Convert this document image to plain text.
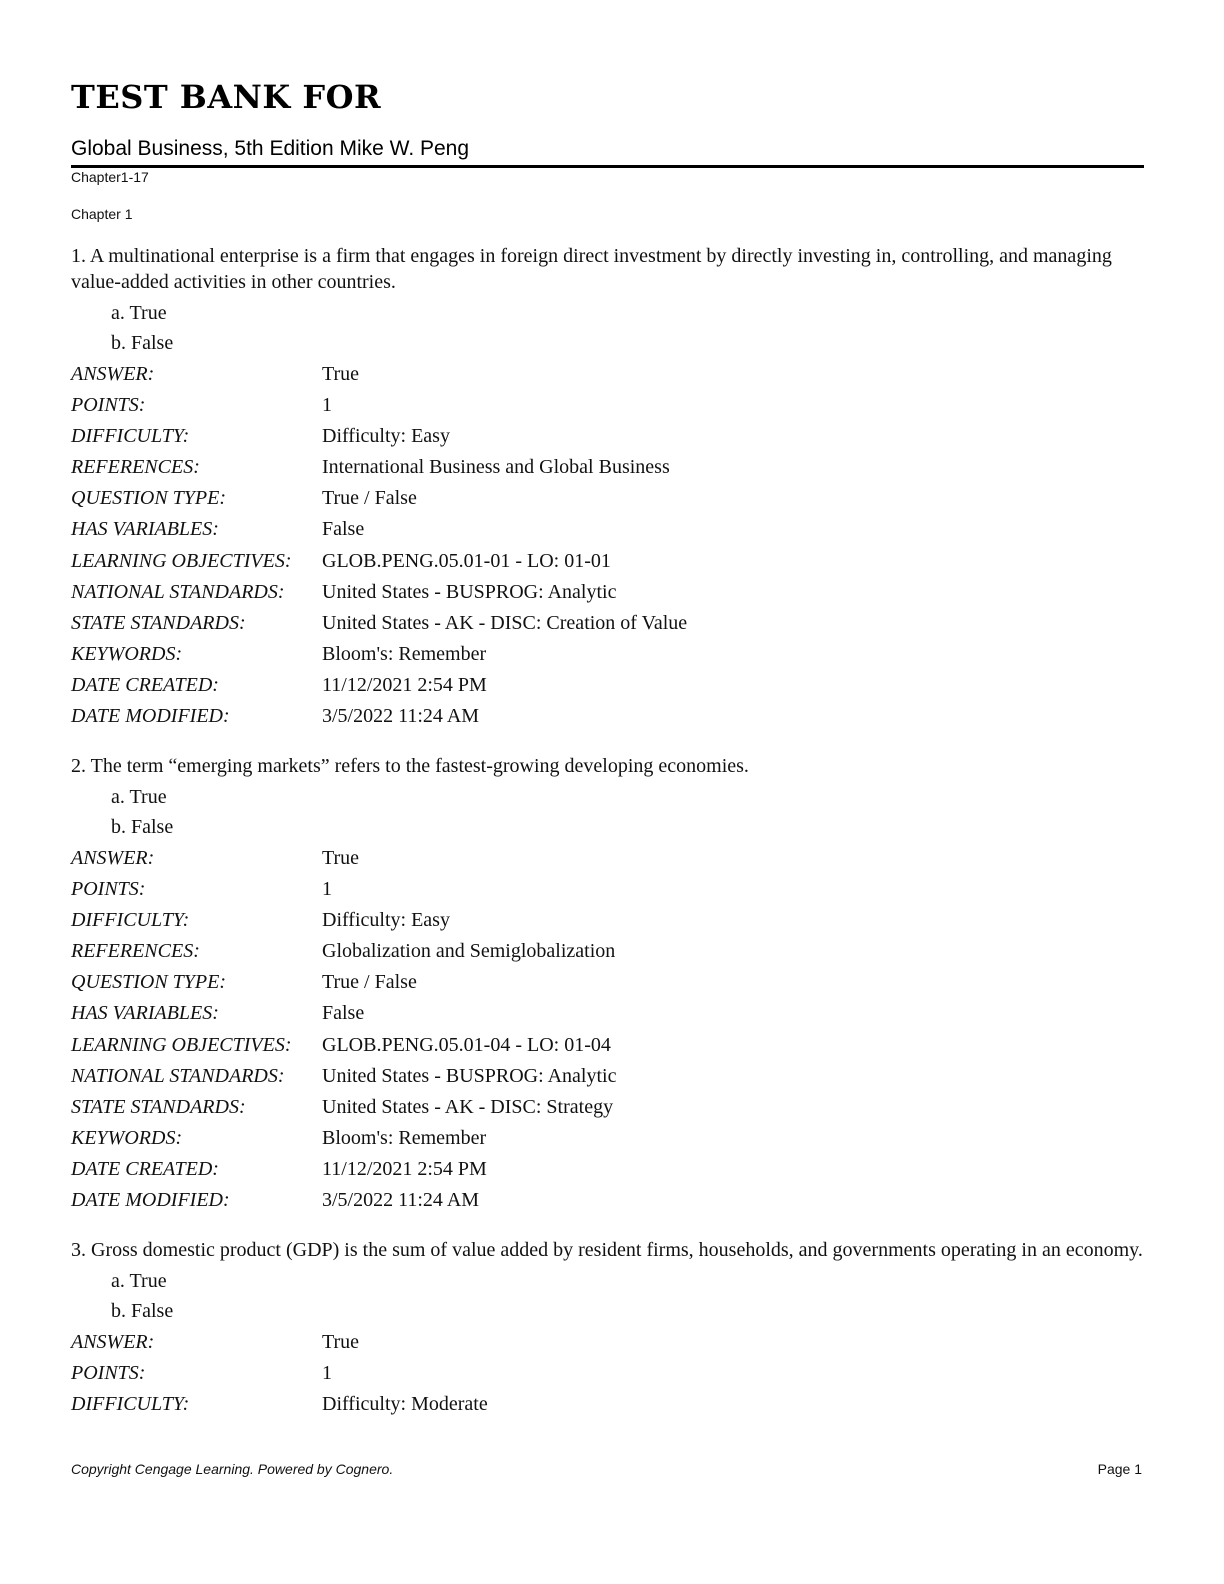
TEST BANK FOR
Global Business, 5th Edition Mike W. Peng
Chapter1-17
Chapter 1
1. A multinational enterprise is a firm that engages in foreign direct investment by directly investing in, controlling, and managing value-added activities in other countries.
a. True
b. False
ANSWER:	True
POINTS:	1
DIFFICULTY:	Difficulty: Easy
REFERENCES:	International Business and Global Business
QUESTION TYPE:	True / False
HAS VARIABLES:	False
LEARNING OBJECTIVES:	GLOB.PENG.05.01-01 - LO: 01-01
NATIONAL STANDARDS:	United States - BUSPROG: Analytic
STATE STANDARDS:	United States - AK - DISC: Creation of Value
KEYWORDS:	Bloom's: Remember
DATE CREATED:	11/12/2021 2:54 PM
DATE MODIFIED:	3/5/2022 11:24 AM
2. The term “emerging markets” refers to the fastest-growing developing economies.
a. True
b. False
ANSWER:	True
POINTS:	1
DIFFICULTY:	Difficulty: Easy
REFERENCES:	Globalization and Semiglobalization
QUESTION TYPE:	True / False
HAS VARIABLES:	False
LEARNING OBJECTIVES:	GLOB.PENG.05.01-04 - LO: 01-04
NATIONAL STANDARDS:	United States - BUSPROG: Analytic
STATE STANDARDS:	United States - AK - DISC: Strategy
KEYWORDS:	Bloom's: Remember
DATE CREATED:	11/12/2021 2:54 PM
DATE MODIFIED:	3/5/2022 11:24 AM
3. Gross domestic product (GDP) is the sum of value added by resident firms, households, and governments operating in an economy.
a. True
b. False
ANSWER:	True
POINTS:	1
DIFFICULTY:	Difficulty: Moderate
Copyright Cengage Learning. Powered by Cognero.	Page 1
